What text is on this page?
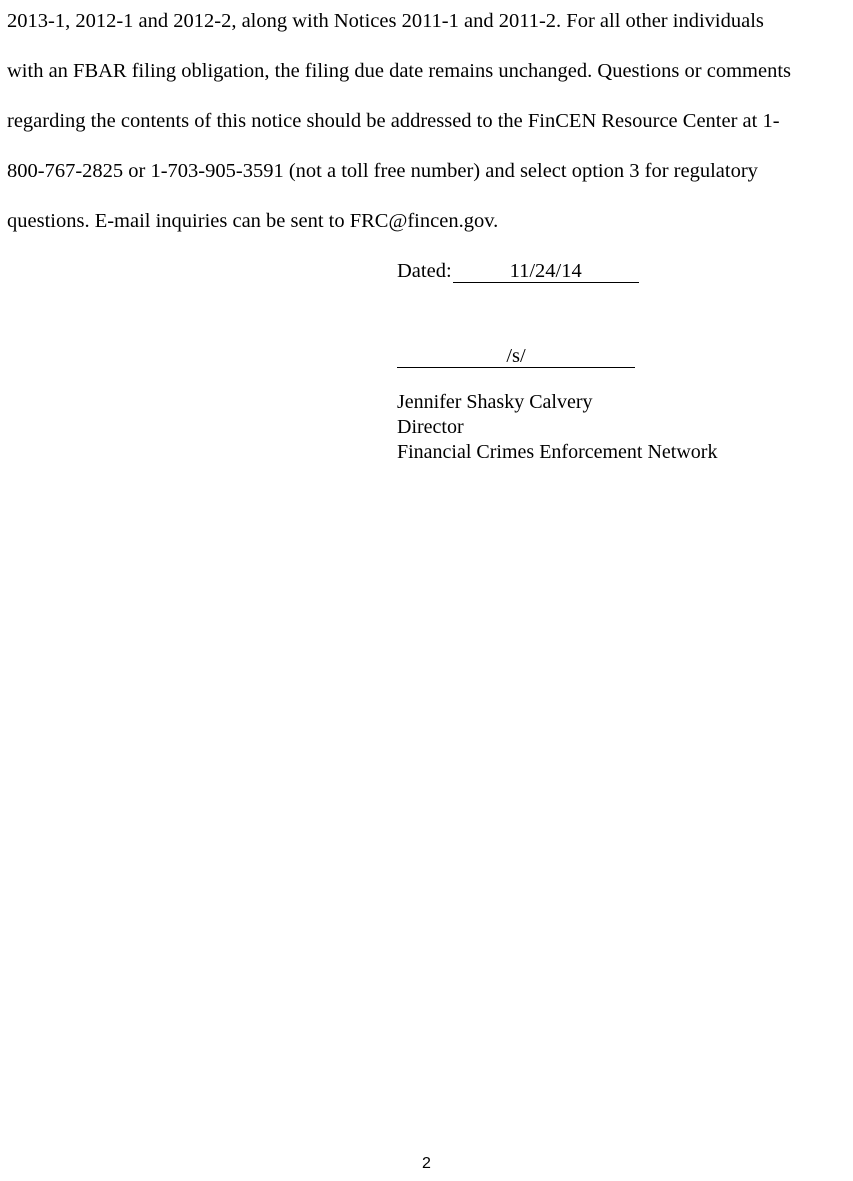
2013-1, 2012-1 and 2012-2, along with Notices 2011-1 and 2011-2. For all other individuals
with an FBAR filing obligation, the filing due date remains unchanged. Questions or comments
regarding the contents of this notice should be addressed to the FinCEN Resource Center at 1-
800-767-2825 or 1-703-905-3591 (not a toll free number) and select option 3 for regulatory
questions. E-mail inquiries can be sent to FRC@fincen.gov.
Dated:	11/24/14
/s/
Jennifer Shasky Calvery
Director
Financial Crimes Enforcement Network
2
